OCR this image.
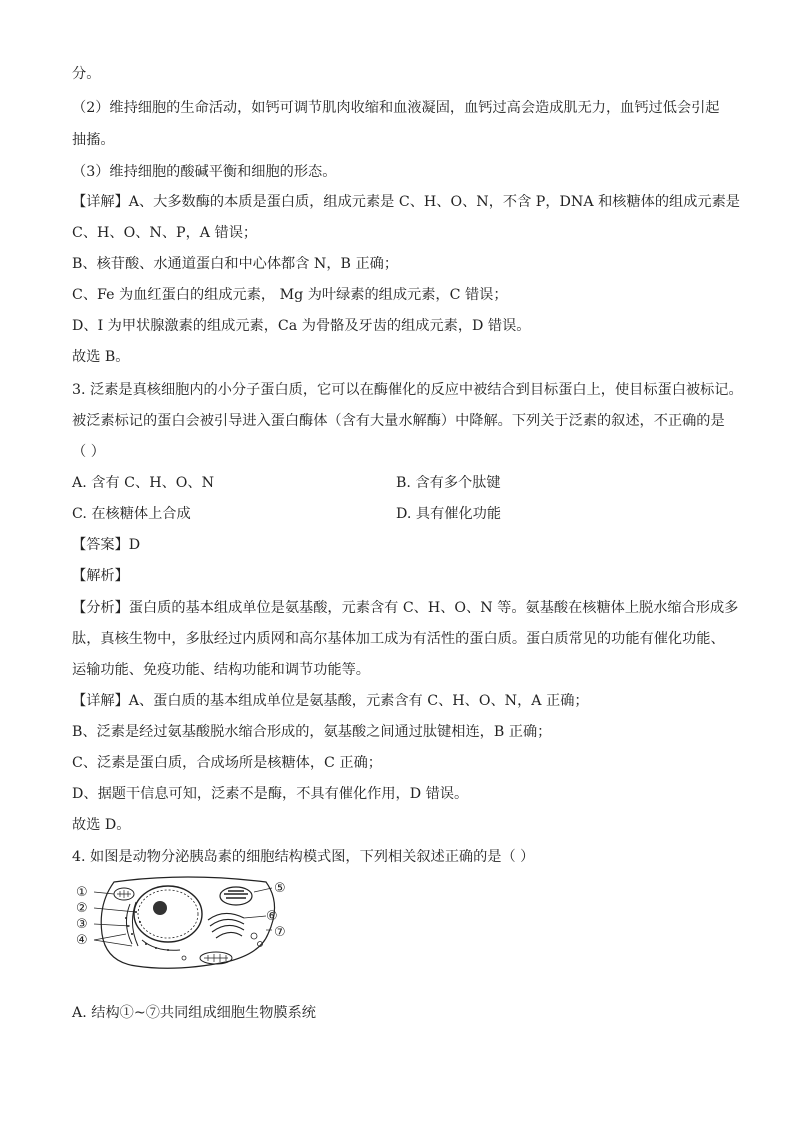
分。
（2）维持细胞的生命活动，如钙可调节肌肉收缩和血液凝固，血钙过高会造成肌无力，血钙过低会引起
抽搐。
（3）维持细胞的酸碱平衡和细胞的形态。
【详解】A、大多数酶的本质是蛋白质，组成元素是 C、H、O、N，不含 P，DNA 和核糖体的组成元素是
C、H、O、N、P，A 错误；
B、核苷酸、水通道蛋白和中心体都含 N，B 正确；
C、Fe 为血红蛋白的组成元素， Mg 为叶绿素的组成元素，C 错误；
D、I 为甲状腺激素的组成元素，Ca 为骨骼及牙齿的组成元素，D 错误。
故选 B。
3. 泛素是真核细胞内的小分子蛋白质，它可以在酶催化的反应中被结合到目标蛋白上，使目标蛋白被标记。
被泛素标记的蛋白会被引导进入蛋白酶体（含有大量水解酶）中降解。下列关于泛素的叙述，不正确的是
（ ）
A. 含有 C、H、O、N	B. 含有多个肽键
C. 在核糖体上合成	D. 具有催化功能
【答案】D
【解析】
【分析】蛋白质的基本组成单位是氨基酸，元素含有 C、H、O、N 等。氨基酸在核糖体上脱水缩合形成多
肽，真核生物中，多肽经过内质网和高尔基体加工成为有活性的蛋白质。蛋白质常见的功能有催化功能、
运输功能、免疫功能、结构功能和调节功能等。
【详解】A、蛋白质的基本组成单位是氨基酸，元素含有 C、H、O、N，A 正确；
B、泛素是经过氨基酸脱水缩合形成的，氨基酸之间通过肽键相连，B 正确；
C、泛素是蛋白质，合成场所是核糖体，C 正确；
D、据题干信息可知，泛素不是酶，不具有催化作用，D 错误。
故选 D。
4. 如图是动物分泌胰岛素的细胞结构模式图，下列相关叙述正确的是（ ）
①
②
③
④
⑤
⑥
⑦
A. 结构①~⑦共同组成细胞生物膜系统
